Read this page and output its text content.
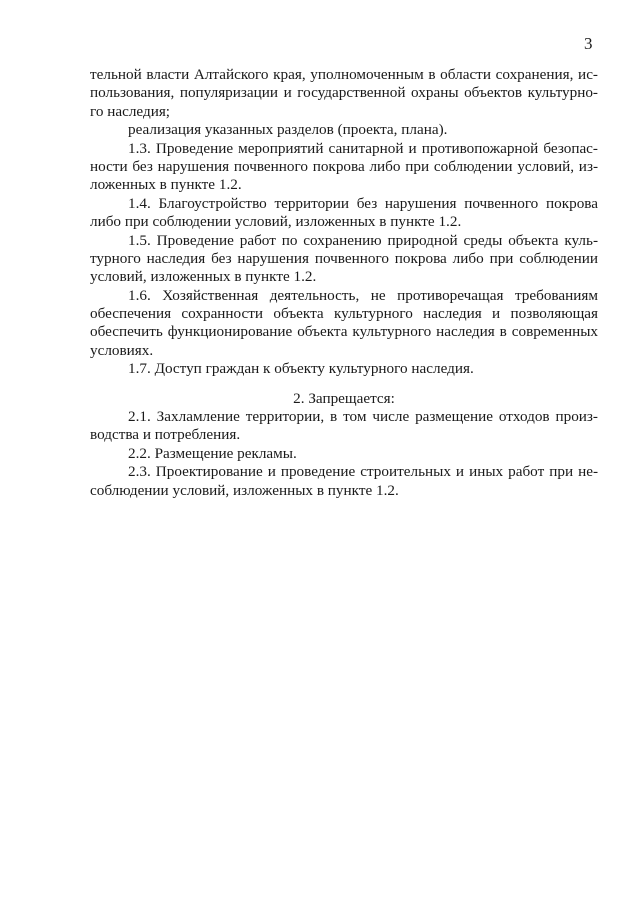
3
тельной власти Алтайского края, уполномоченным в области сохранения, ис-
пользования, популяризации и государственной охраны объектов культурно-
го наследия;
реализация указанных разделов (проекта, плана).
1.3. Проведение мероприятий санитарной и противопожарной безопас-
ности без нарушения почвенного покрова либо при соблюдении условий, из-
ложенных в пункте 1.2.
1.4. Благоустройство территории без нарушения почвенного покрова
либо при соблюдении условий, изложенных в пункте 1.2.
1.5. Проведение работ по сохранению природной среды объекта куль-
турного наследия без нарушения почвенного покрова либо при соблюдении
условий, изложенных в пункте 1.2.
1.6. Хозяйственная деятельность, не противоречащая требованиям
обеспечения сохранности объекта культурного наследия и позволяющая
обеспечить функционирование объекта культурного наследия в современных
условиях.
1.7. Доступ граждан к объекту культурного наследия.
2. Запрещается:
2.1. Захламление территории, в том числе размещение отходов произ-
водства и потребления.
2.2. Размещение рекламы.
2.3. Проектирование и проведение строительных и иных работ при не-
соблюдении условий, изложенных в пункте 1.2.
